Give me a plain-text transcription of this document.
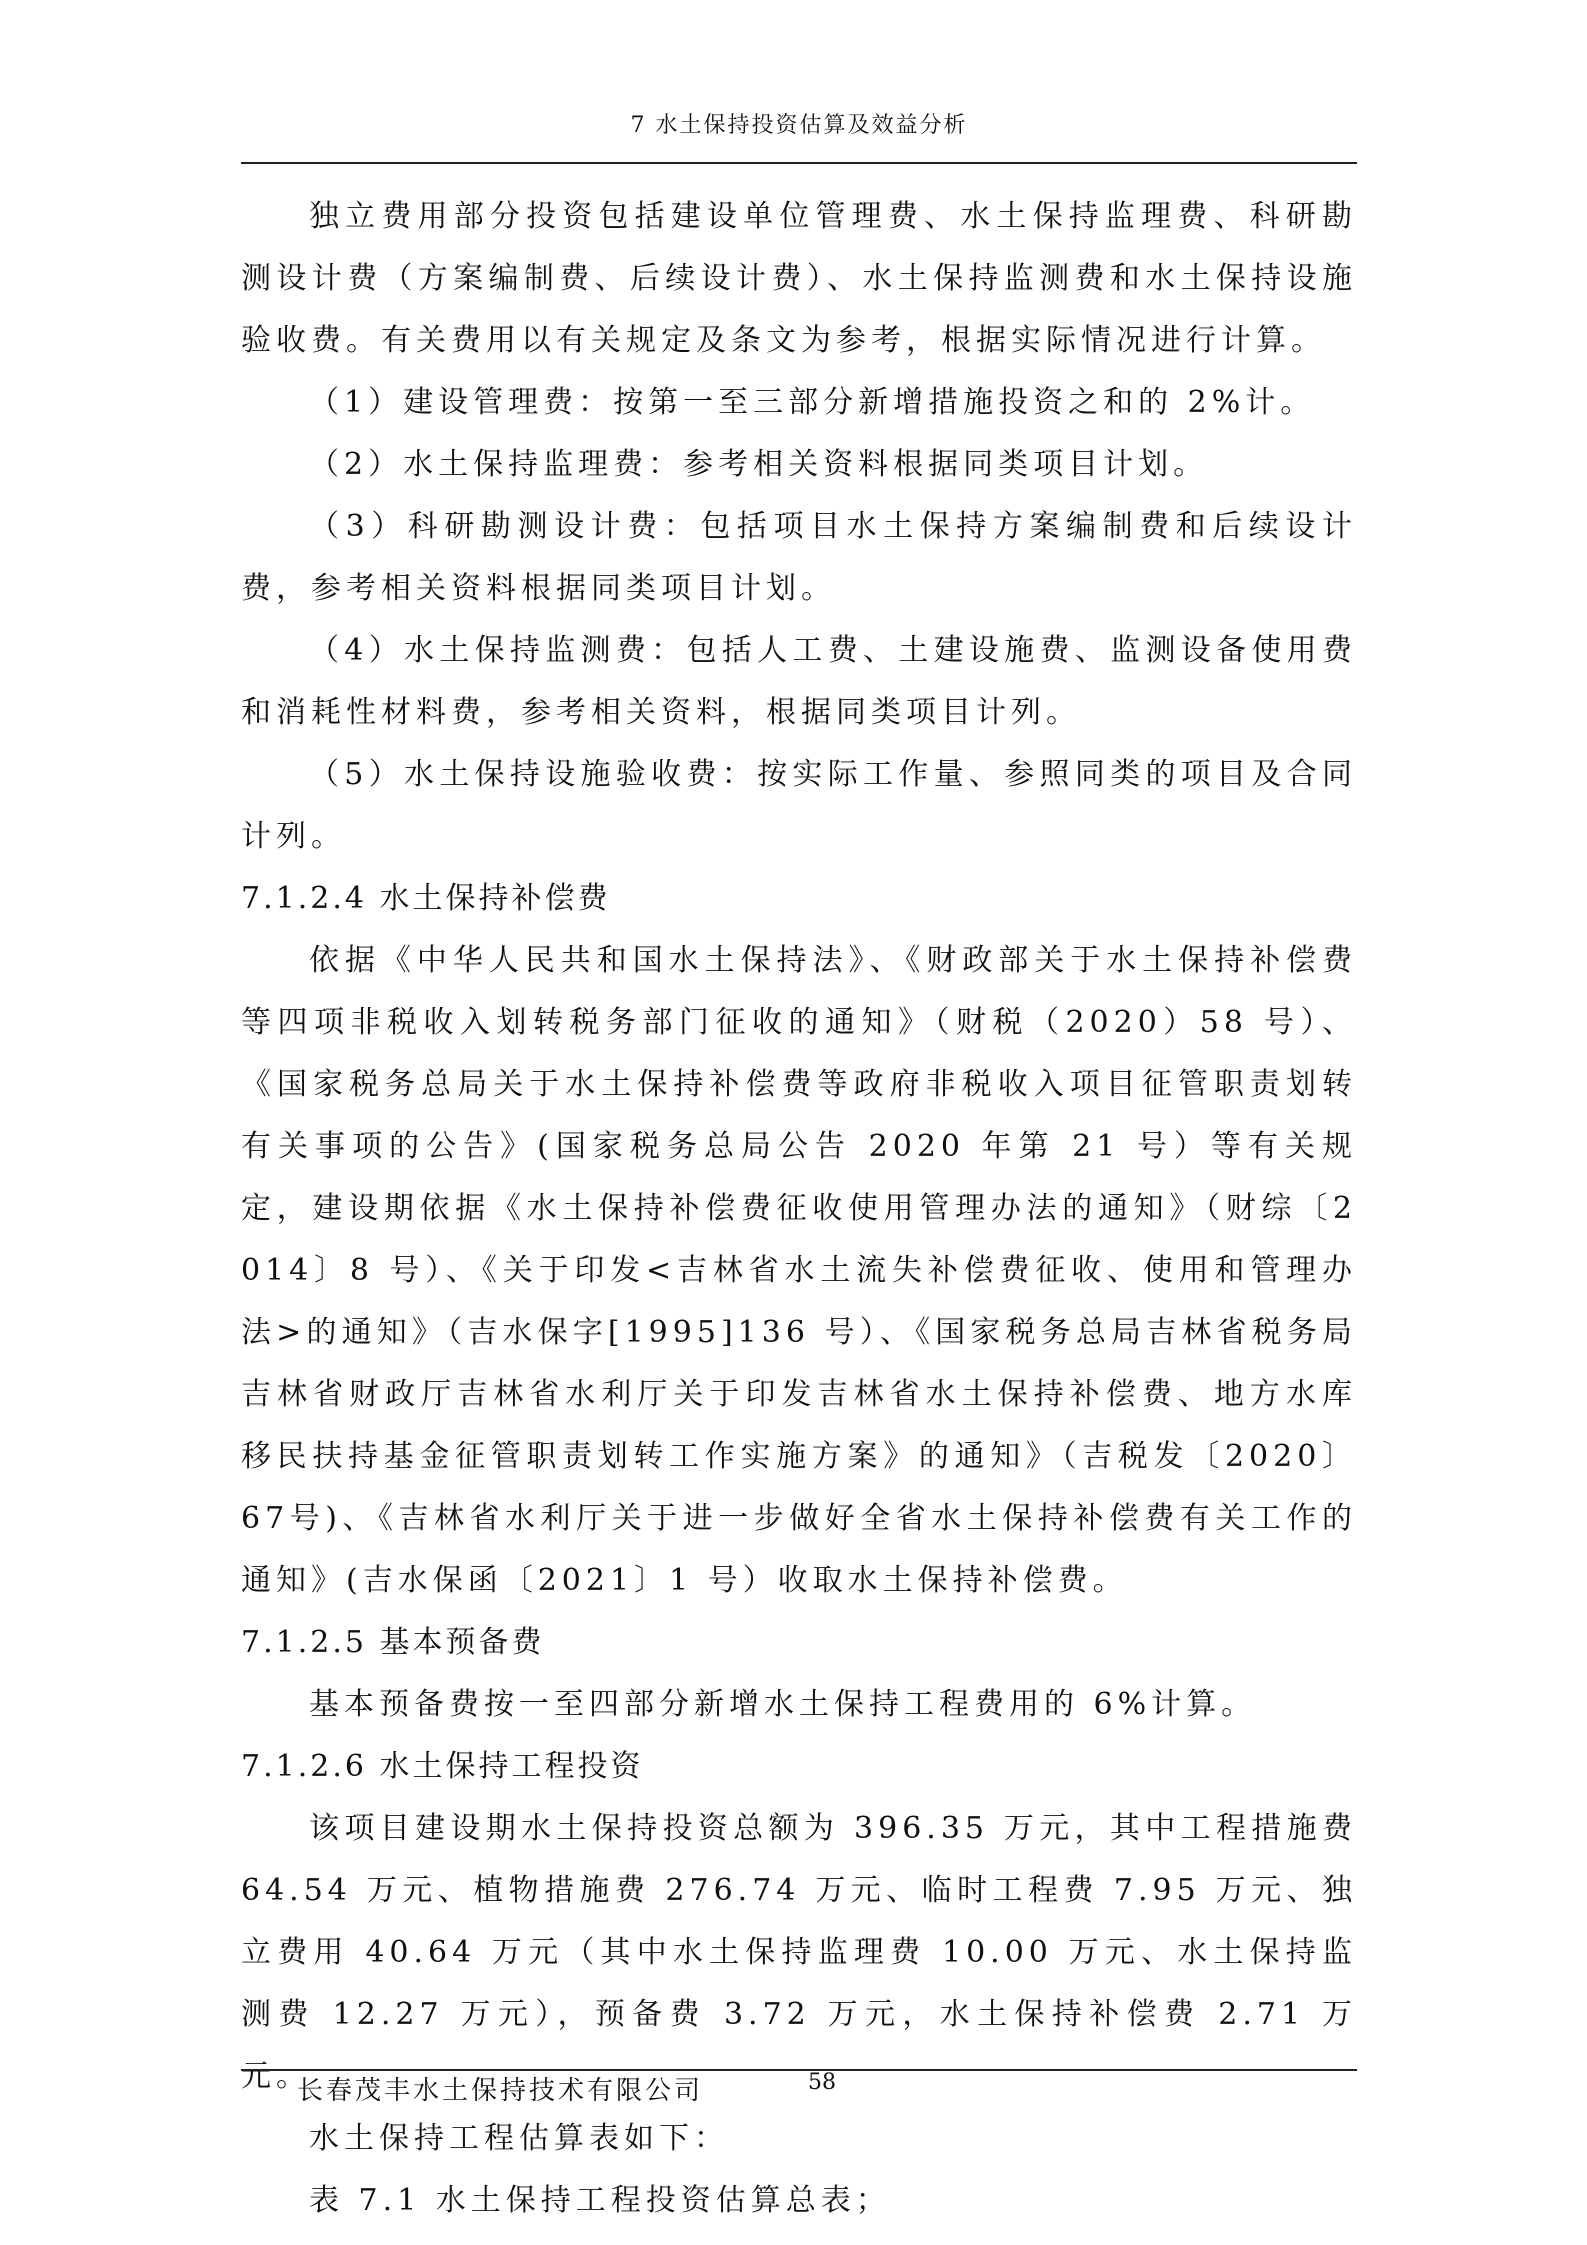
7 水土保持投资估算及效益分析

独立费用部分投资包括建设单位管理费、水土保持监理费、科研勘测设计费（方案编制费、后续设计费）、水土保持监测费和水土保持设施验收费。有关费用以有关规定及条文为参考，根据实际情况进行计算。

（1）建设管理费：按第一至三部分新增措施投资之和的 2%计。

（2）水土保持监理费：参考相关资料根据同类项目计划。

（3）科研勘测设计费：包括项目水土保持方案编制费和后续设计费，参考相关资料根据同类项目计划。

（4）水土保持监测费：包括人工费、土建设施费、监测设备使用费和消耗性材料费，参考相关资料，根据同类项目计列。

（5）水土保持设施验收费：按实际工作量、参照同类的项目及合同计列。

7.1.2.4 水土保持补偿费

依据《中华人民共和国水土保持法》、《财政部关于水土保持补偿费等四项非税收入划转税务部门征收的通知》（财税（2020）58 号）、《国家税务总局关于水土保持补偿费等政府非税收入项目征管职责划转有关事项的公告》(国家税务总局公告 2020 年第 21 号）等有关规定，建设期依据《水土保持补偿费征收使用管理办法的通知》（财综〔2014〕8 号）、《关于印发<吉林省水土流失补偿费征收、使用和管理办法>的通知》（吉水保字[1995]136 号）、《国家税务总局吉林省税务局吉林省财政厅吉林省水利厅关于印发吉林省水土保持补偿费、地方水库移民扶持基金征管职责划转工作实施方案》的通知》（吉税发〔2020〕67号)、《吉林省水利厅关于进一步做好全省水土保持补偿费有关工作的通知》(吉水保函〔2021〕1 号）收取水土保持补偿费。

7.1.2.5 基本预备费

基本预备费按一至四部分新增水土保持工程费用的 6%计算。

7.1.2.6 水土保持工程投资

该项目建设期水土保持投资总额为 396.35 万元，其中工程措施费 64.54 万元、植物措施费 276.74 万元、临时工程费 7.95 万元、独立费用 40.64 万元（其中水土保持监理费 10.00 万元、水土保持监测费 12.27 万元），预备费 3.72 万元，水土保持补偿费 2.71 万元。

水土保持工程估算表如下：

表 7.1 水土保持工程投资估算总表；

长春茂丰水土保持技术有限公司	58
